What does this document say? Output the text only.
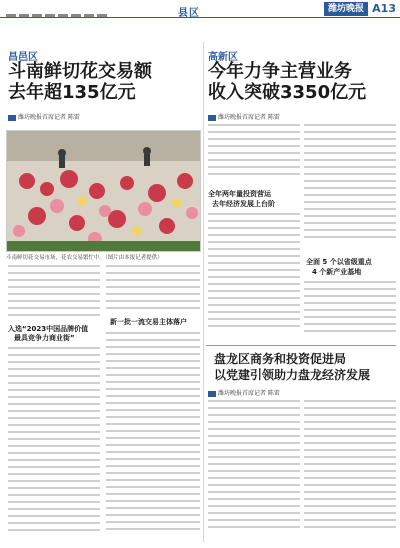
县区	潍坊晚报 A13
昌邑区
斗南鲜切花交易额
去年超135亿元
潍坊晚报首席记者 陈雷
斗南鲜切花交易市场，花农交易繁忙中。（图片由本报记者提供）
入选“2023中国品牌价值
最具竞争力商业街”
新一批一流交易主体落户
高新区
今年力争主营业务
收入突破3350亿元
潍坊晚报首席记者 陈雷
全年两年量投资营运
去年经济发展上台阶
全面 5 个以省级重点
4 个新产业基地
盘龙区商务和投资促进局
以党建引领助力盘龙经济发展
潍坊晚报首席记者 陈雷
